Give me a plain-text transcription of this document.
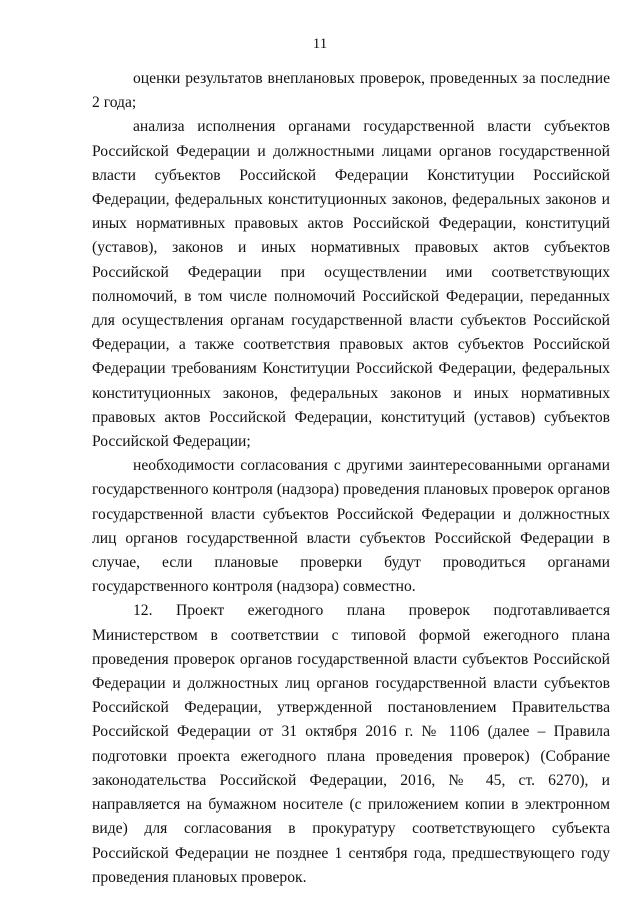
11

оценки результатов внеплановых проверок, проведенных за последние 2 года;

анализа исполнения органами государственной власти субъектов Российской Федерации и должностными лицами органов государственной власти субъектов Российской Федерации Конституции Российской Федерации, федеральных конституционных законов, федеральных законов и иных нормативных правовых актов Российской Федерации, конституций (уставов), законов и иных нормативных правовых актов субъектов Российской Федерации при осуществлении ими соответствующих полномочий, в том числе полномочий Российской Федерации, переданных для осуществления органам государственной власти субъектов Российской Федерации, а также соответствия правовых актов субъектов Российской Федерации требованиям Конституции Российской Федерации, федеральных конституционных законов, федеральных законов и иных нормативных правовых актов Российской Федерации, конституций (уставов) субъектов Российской Федерации;

необходимости согласования с другими заинтересованными органами государственного контроля (надзора) проведения плановых проверок органов государственной власти субъектов Российской Федерации и должностных лиц органов государственной власти субъектов Российской Федерации в случае, если плановые проверки будут проводиться органами государственного контроля (надзора) совместно.

12. Проект ежегодного плана проверок подготавливается Министерством в соответствии с типовой формой ежегодного плана проведения проверок органов государственной власти субъектов Российской Федерации и должностных лиц органов государственной власти субъектов Российской Федерации, утвержденной постановлением Правительства Российской Федерации от 31 октября 2016 г. № 1106 (далее – Правила подготовки проекта ежегодного плана проведения проверок) (Собрание законодательства Российской Федерации, 2016, № 45, ст. 6270), и направляется на бумажном носителе (с приложением копии в электронном виде) для согласования в прокуратуру соответствующего субъекта Российской Федерации не позднее 1 сентября года, предшествующего году проведения плановых проверок.
